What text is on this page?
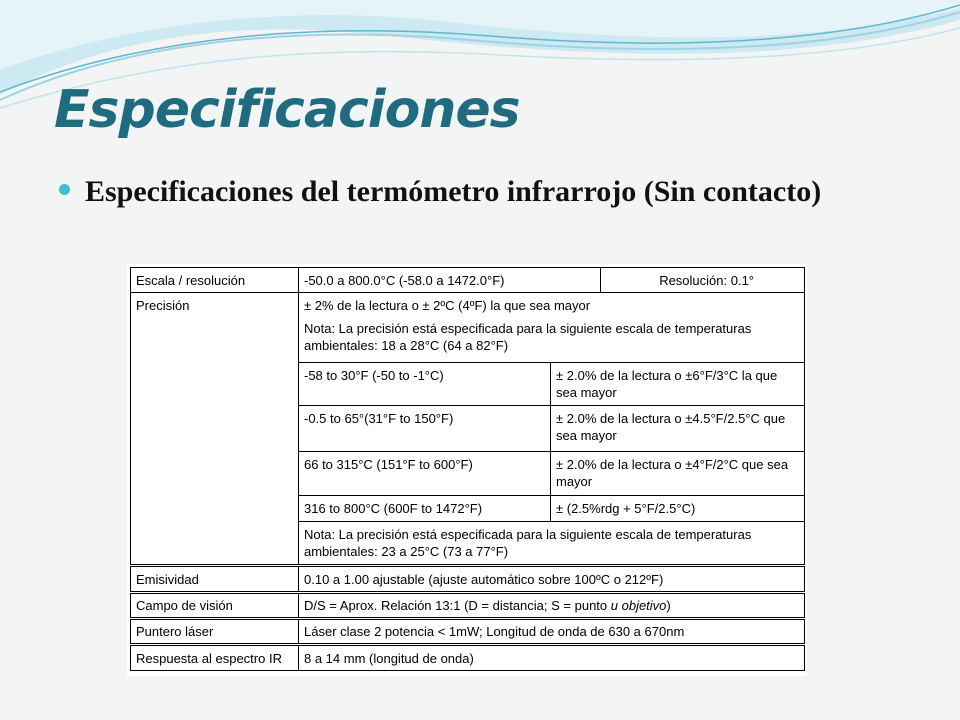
Especificaciones

Especificaciones del termómetro infrarrojo (Sin contacto)

Escala / resolución	-50.0 a 800.0°C (-58.0 a 1472.0°F)	Resolución: 0.1°
Precisión	± 2% de la lectura o ± 2ºC (4ºF) la que sea mayor
Nota: La precisión está especificada para la siguiente escala de temperaturas ambientales: 18 a 28°C (64 a 82°F)
-58 to 30°F (-50 to -1°C)	± 2.0% de la lectura o ±6°F/3°C la que sea mayor
-0.5 to 65°(31°F to 150°F)	± 2.0% de la lectura o ±4.5°F/2.5°C que sea mayor
66 to 315°C (151°F to 600°F)	± 2.0% de la lectura o ±4°F/2°C que sea mayor
316 to 800°C (600F to 1472°F)	± (2.5%rdg + 5°F/2.5°C)
Nota: La precisión está especificada para la siguiente escala de temperaturas ambientales: 23 a 25°C (73 a 77°F)
Emisividad	0.10 a 1.00 ajustable (ajuste automático sobre 100ºC o 212ºF)
Campo de visión	D/S = Aprox. Relación 13:1 (D = distancia; S = punto u objetivo )
Puntero láser	Láser clase 2 potencia < 1mW; Longitud de onda de 630 a 670nm
Respuesta al espectro IR	8 a 14 mm (longitud de onda)
